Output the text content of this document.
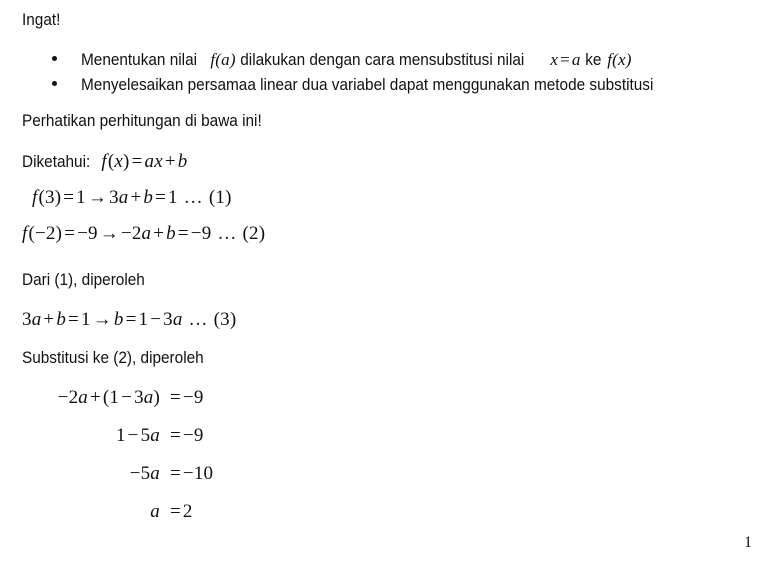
Ingat!
Menentukan nilai f(a) dilakukan dengan cara mensubstitusi nilai x = a ke f(x)
Menyelesaikan persamaa linear dua variabel dapat menggunakan metode substitusi
Perhatikan perhitungan di bawa ini!
Diketahui: f(x) = ax + b
f(3) = 1 → 3a + b = 1 … (1)
f(−2) = −9 → −2a + b = −9 … (2)
Dari (1), diperoleh
3a + b = 1 → b = 1 − 3a … (3)
Substitusi ke (2), diperoleh
−2a + (1 − 3a) = −9
1 − 5a = −9
−5a = −10
a = 2
1
